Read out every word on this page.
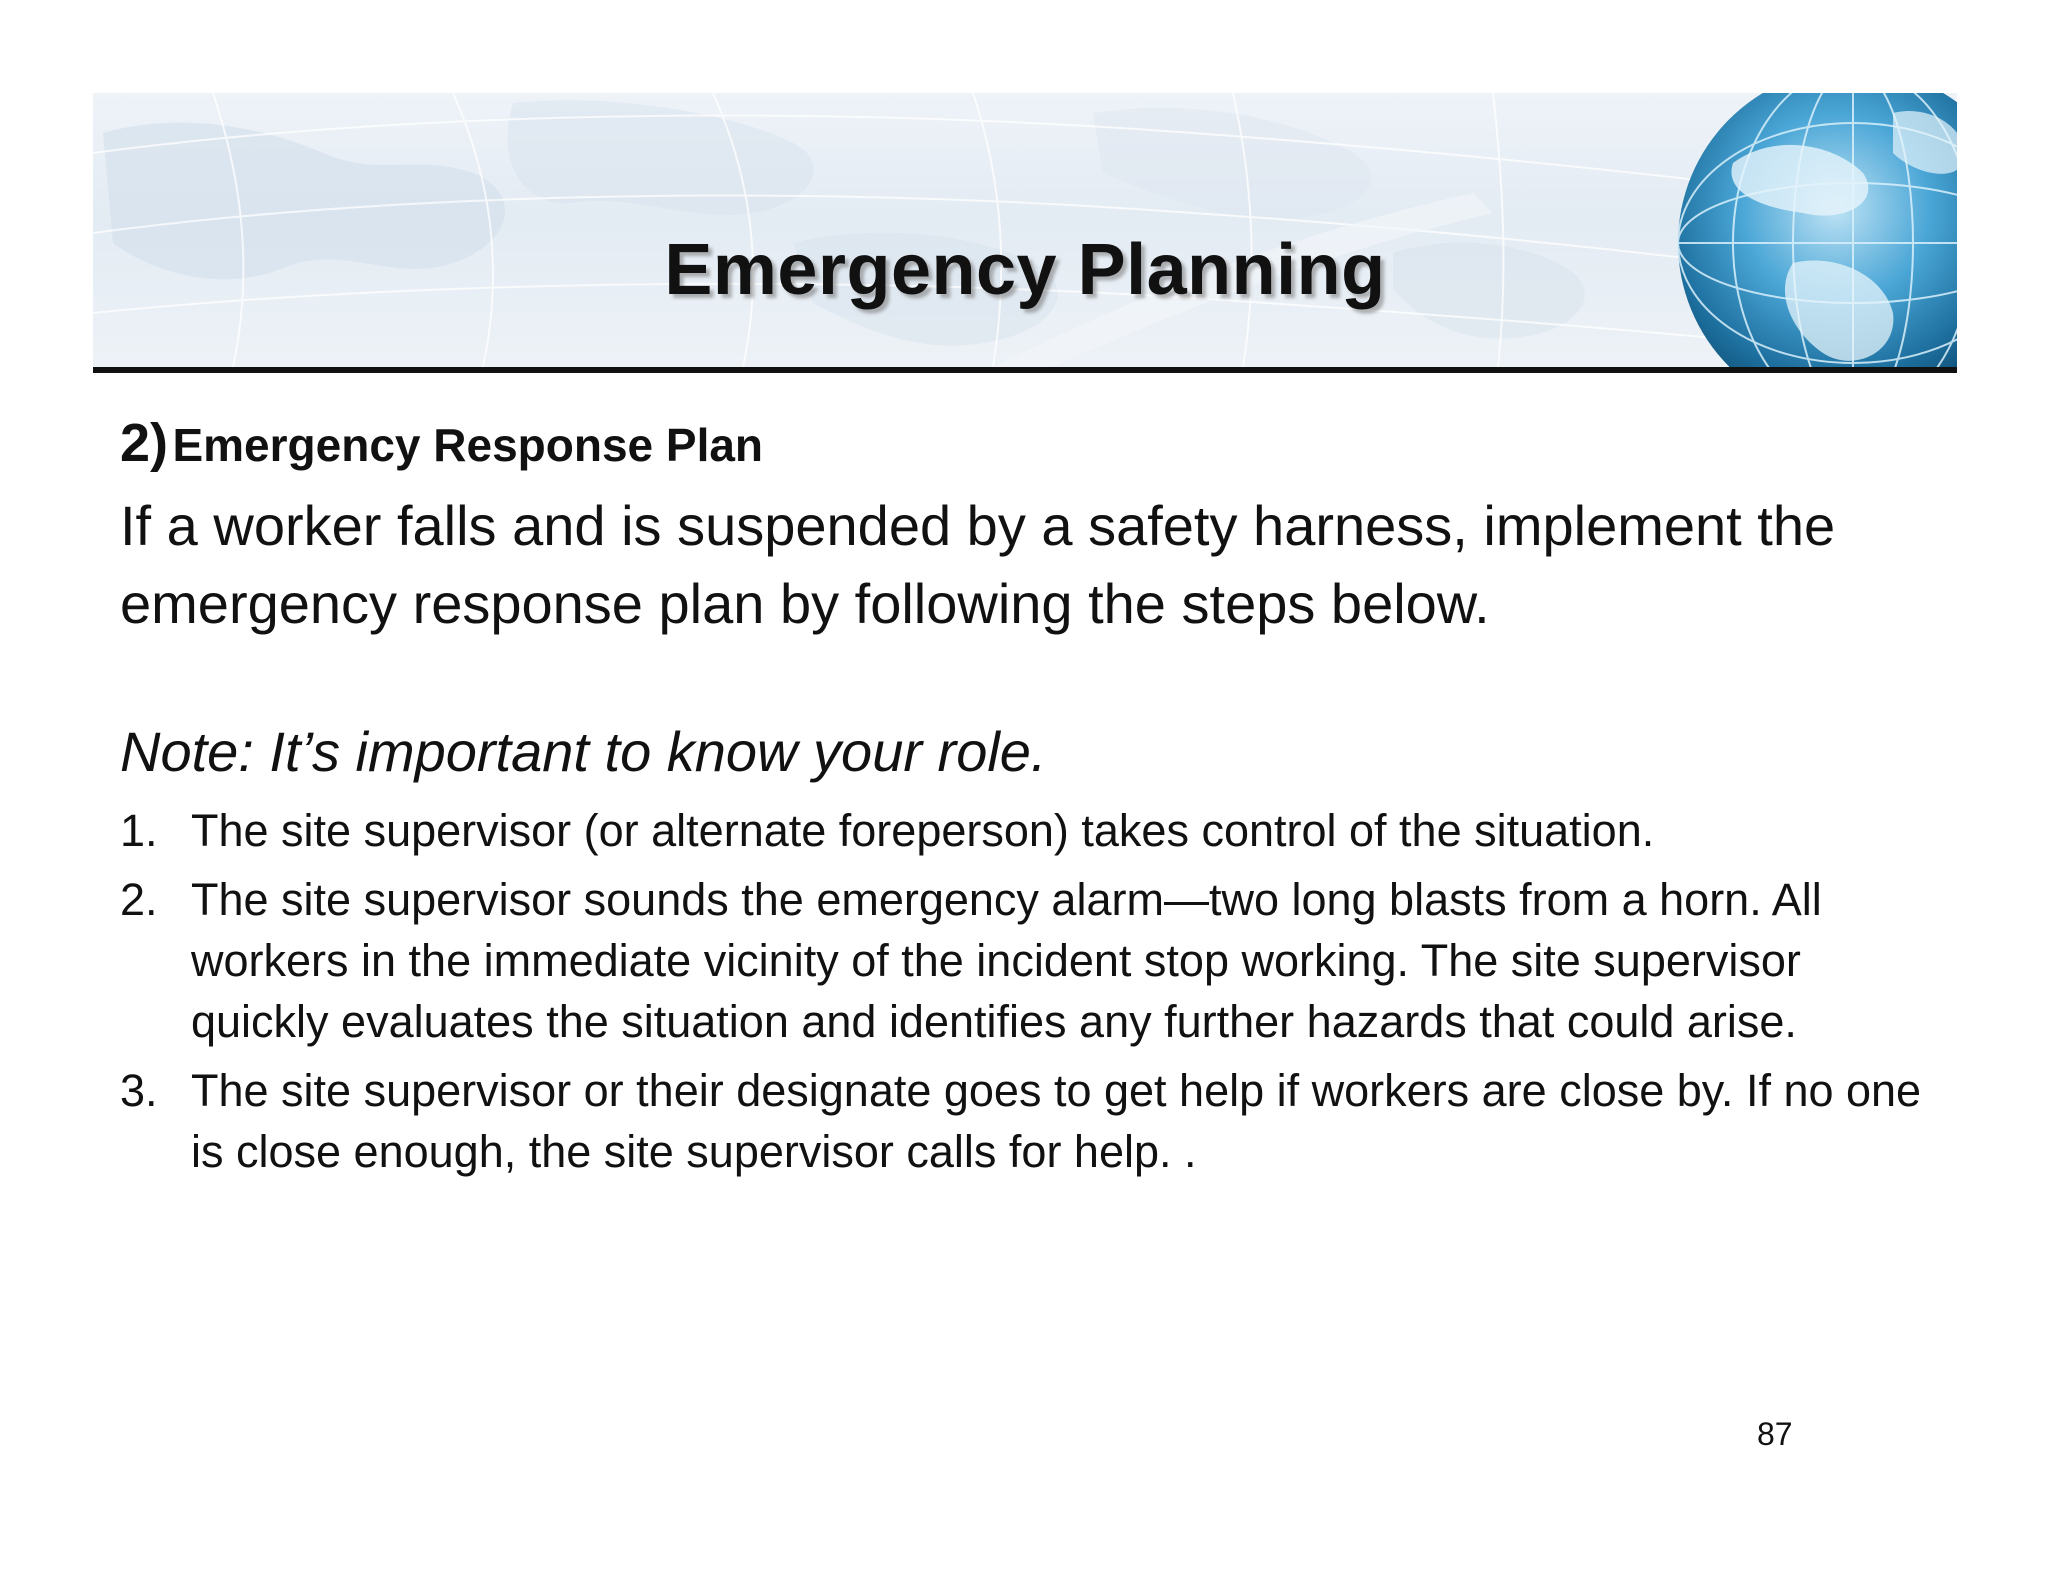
Emergency Planning
2) Emergency Response Plan
If a worker falls and is suspended by a safety harness, implement the emergency response plan by following the steps below.
Note: It’s important to know your role.
1. The site supervisor (or alternate foreperson) takes control of the situation.
2. The site supervisor sounds the emergency alarm—two long blasts from a horn. All workers in the immediate vicinity of the incident stop working. The site supervisor quickly evaluates the situation and identifies any further hazards that could arise.
3. The site supervisor or their designate goes to get help if workers are close by. If no one is close enough, the site supervisor calls for help. .
87
